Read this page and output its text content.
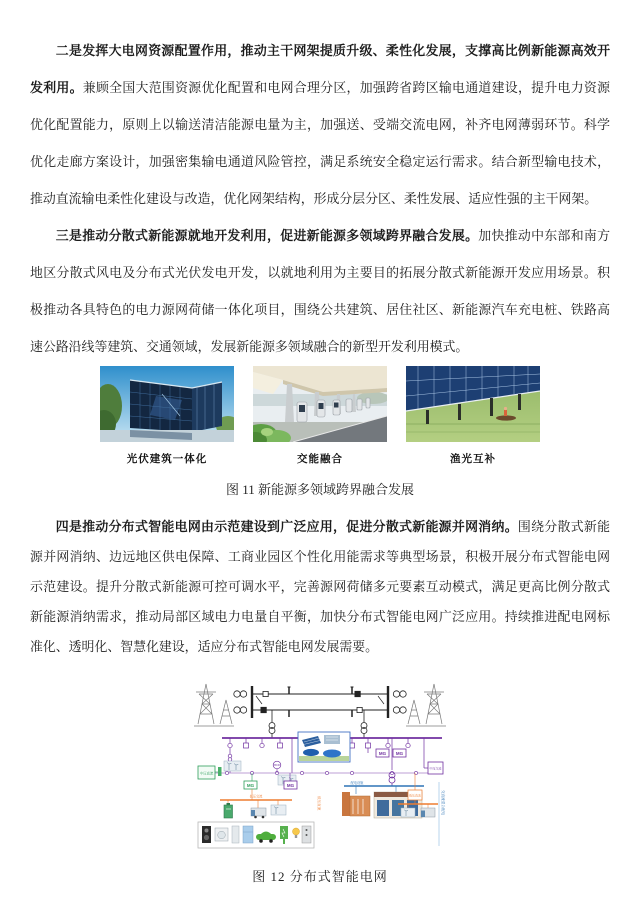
二是发挥大电网资源配置作用，推动主干网架提质升级、柔性化发展，支撑高比例新能源高效开发利用。兼顾全国大范围资源优化配置和电网合理分区，加强跨省跨区输电通道建设，提升电力资源优化配置能力，原则上以输送清洁能源电量为主，加强送、受端交流电网，补齐电网薄弱环节。科学优化走廊方案设计，加强密集输电通道风险管控，满足系统安全稳定运行需求。结合新型输电技术，推动直流输电柔性化建设与改造，优化网架结构，形成分层分区、柔性发展、适应性强的主干网架。

三是推动分散式新能源就地开发利用，促进新能源多领域跨界融合发展。加快推动中东部和南方地区分散式风电及分布式光伏发电开发，以就地利用为主要目的拓展分散式新能源开发应用场景。积极推动各具特色的电力源网荷储一体化项目，围绕公共建筑、居住社区、新能源汽车充电桩、铁路高速公路沿线等建筑、交通领域，发展新能源多领域融合的新型开发利用模式。

光伏建筑一体化	交能融合	渔光互补
图 11 新能源多领域跨界融合发展

四是推动分布式智能电网由示范建设到广泛应用，促进分散式新能源并网消纳。围绕分散式新能源并网消纳、边远地区供电保障、工商业园区个性化用能需求等典型场景，积极开展分布式智能电网示范建设。提升分散式新能源可控可调水平，完善源网荷储多元要素互动模式，满足更高比例分散式新能源消纳需求，推动局部区域电力电量自平衡，加快分布式智能电网广泛应用。持续推进配电网标准化、透明化、智慧化建设，适应分布式智能电网发展需要。

MG MG
中压直流
BCR
MG	MG
低压交流	低压直流
配电设施
低压直流
中压交流
交直流混合配电
图 12 分布式智能电网
